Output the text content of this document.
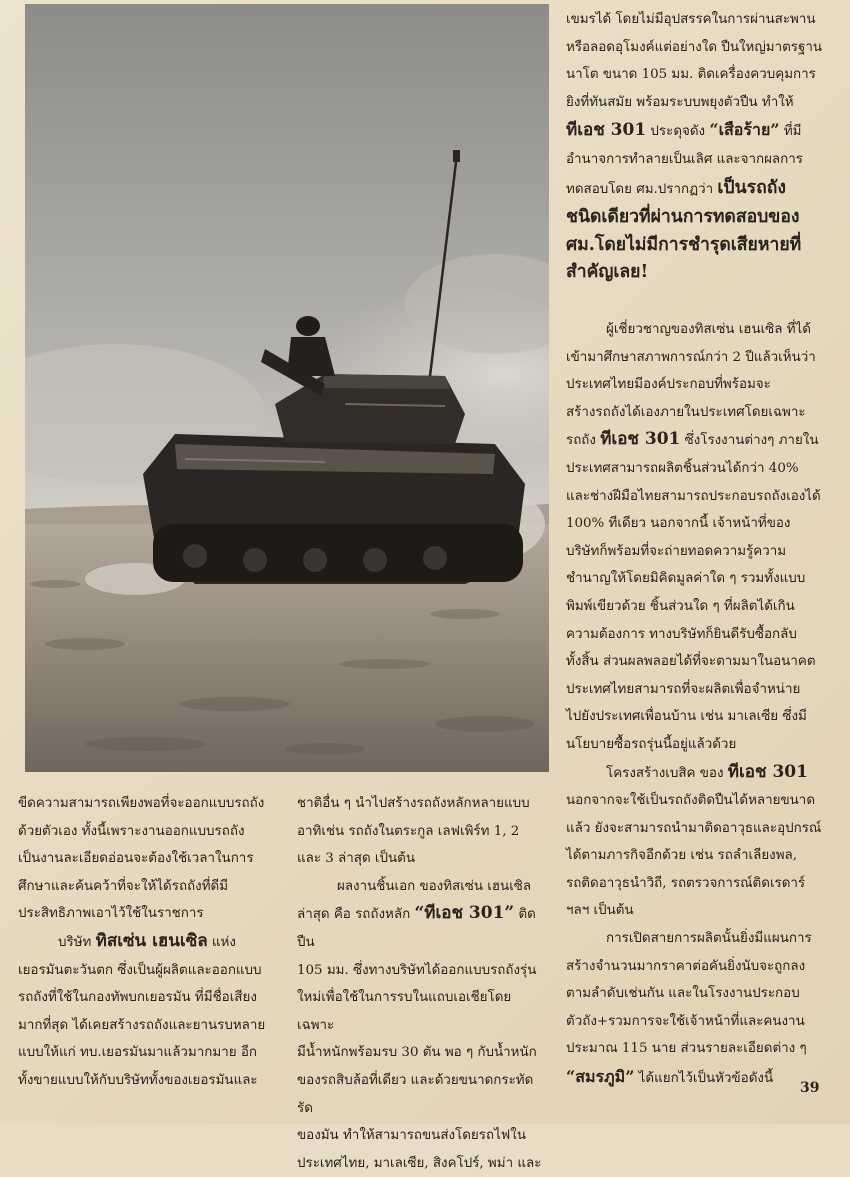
เขมรได้ โดยไม่มีอุปสรรคในการผ่านสะพาน

หรือลอดอุโมงค์แต่อย่างใด ปืนใหญ่มาตรฐาน

นาโต ขนาด 105 มม. ติดเครื่องควบคุมการ

ยิงที่ทันสมัย พร้อมระบบพยุงตัวปืน ทำให้

ทีเอช 301 ประดุจดัง “เสือร้าย” ที่มี

อำนาจการทำลายเป็นเลิศ และจากผลการ

ทดสอบโดย ศม.ปรากฏว่า เป็นรถถัง

ชนิดเดียวที่ผ่านการทดสอบของ

ศม.โดยไม่มีการชำรุดเสียหายที่

สำคัญเลย!

ผู้เชี่ยวชาญของทิสเซ่น เฮนเซิล ที่ได้

เข้ามาศึกษาสภาพการณ์กว่า 2 ปีแล้วเห็นว่า

ประเทศไทยมีองค์ประกอบที่พร้อมจะ

สร้างรถถังได้เองภายในประเทศโดยเฉพาะ

รถถัง ทีเอช 301 ซึ่งโรงงานต่างๆ ภายใน

ประเทศสามารถผลิตชิ้นส่วนได้กว่า 40%

และช่างฝีมือไทยสามารถประกอบรถถังเองได้

100% ทีเดียว นอกจากนี้ เจ้าหน้าที่ของ

บริษัทก็พร้อมที่จะถ่ายทอดความรู้ความ

ชำนาญให้โดยมิคิดมูลค่าใด ๆ รวมทั้งแบบ

พิมพ์เขียวด้วย ชิ้นส่วนใด ๆ ที่ผลิตได้เกิน

ความต้องการ ทางบริษัทก็ยินดีรับซื้อกลับ

ทั้งสิ้น ส่วนผลพลอยได้ที่จะตามมาในอนาคต

ประเทศไทยสามารถที่จะผลิตเพื่อจำหน่าย

ไปยังประเทศเพื่อนบ้าน เช่น มาเลเซีย ซึ่งมี

นโยบายซื้อรถรุ่นนี้อยู่แล้วด้วย

โครงสร้างเบสิค ของ ทีเอช 301

นอกจากจะใช้เป็นรถถังติดปืนได้หลายขนาด

แล้ว ยังจะสามารถนำมาติดอาวุธและอุปกรณ์

ได้ตามภารกิจอีกด้วย เช่น รถลำเลียงพล,

รถติดอาวุธนำวิถี, รถตรวจการณ์ติดเรดาร์

ฯลฯ เป็นต้น

การเปิดสายการผลิตนั้นยิ่งมีแผนการ

สร้างจำนวนมากราคาต่อคันยิ่งนับจะถูกลง

ตามลำดับเช่นกัน และในโรงงานประกอบ

ตัวถัง+รวมการจะใช้เจ้าหน้าที่และคนงาน

ประมาณ 115 นาย ส่วนรายละเอียดต่าง ๆ

“สมรภูมิ” ได้แยกไว้เป็นหัวข้อดังนี้

ขีดความสามารถเพียงพอที่จะออกแบบรถถัง

ด้วยตัวเอง ทั้งนี้เพราะงานออกแบบรถถัง

เป็นงานละเอียดอ่อนจะต้องใช้เวลาในการ

ศึกษาและค้นคว้าที่จะให้ได้รถถังที่ดีมี

ประสิทธิภาพเอาไว้ใช้ในราชการ

บริษัท ทิสเซ่น เฮนเซิล แห่ง

เยอรมันตะวันตก ซึ่งเป็นผู้ผลิตและออกแบบ

รถถังที่ใช้ในกองทัพบกเยอรมัน ที่มีชื่อเสียง

มากที่สุด ได้เคยสร้างรถถังและยานรบหลาย

แบบให้แก่ ทบ.เยอรมันมาแล้วมากมาย อีก

ทั้งขายแบบให้กับบริษัททั้งของเยอรมันและ

ชาติอื่น ๆ นำไปสร้างรถถังหลักหลายแบบ

อาทิเช่น รถถังในตระกูล เลฟเพิร์ท 1, 2

และ 3 ล่าสุด เป็นต้น

ผลงานชิ้นเอก ของทิสเซ่น เฮนเซิล

ล่าสุด คือ รถถังหลัก “ทีเอช 301” ติดปืน

105 มม. ซึ่งทางบริษัทได้ออกแบบรถถังรุ่น

ใหม่เพื่อใช้ในการรบในแถบเอเชียโดยเฉพาะ

มีน้ำหนักพร้อมรบ 30 ตัน พอ ๆ กับน้ำหนัก

ของรถสิบล้อที่เดียว และด้วยขนาดกระทัดรัด

ของมัน ทำให้สามารถขนส่งโดยรถไฟใน

ประเทศไทย, มาเลเซีย, สิงคโปร์, พม่า และ

39
